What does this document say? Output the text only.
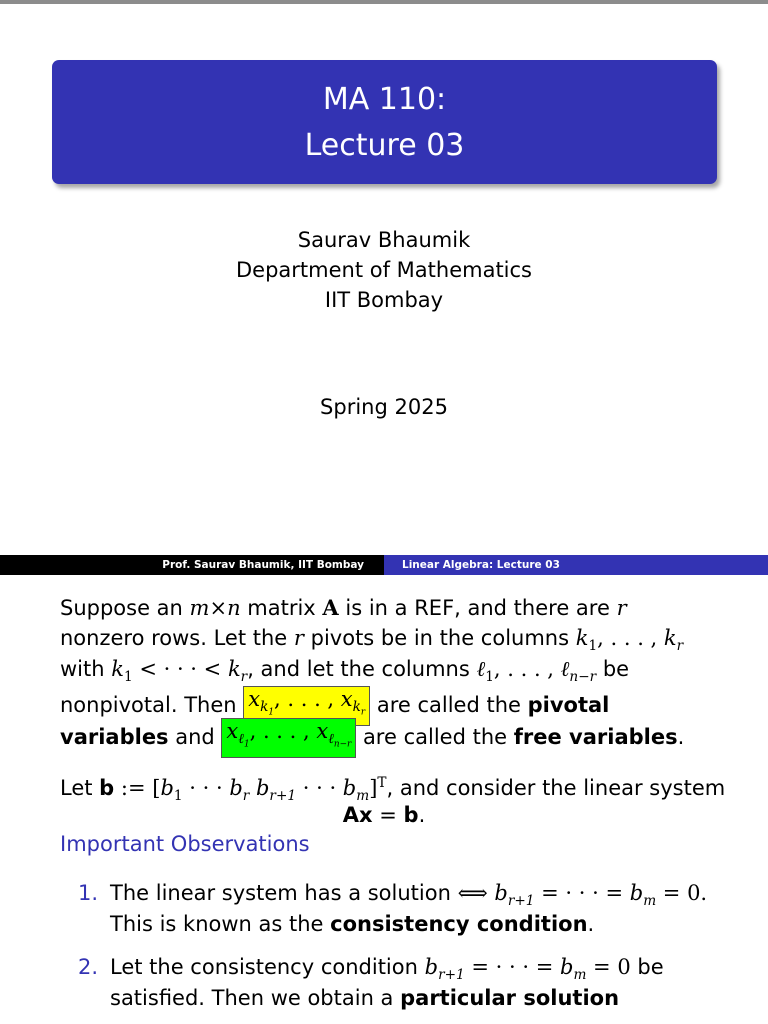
MA 110:
Lecture 03
Saurav Bhaumik
Department of Mathematics
IIT Bombay
Spring 2025
Prof. Saurav Bhaumik, IIT Bombay	Linear Algebra: Lecture 03
Suppose an m×n matrix A is in a REF, and there are r
nonzero rows. Let the r pivots be in the columns $k_1$, . . . , $k_r$
with $k_1$ < · · · < $k_r$, and let the columns ℓ$_1$, . . . , ℓ$_{n-r}$ be
nonpivotal. Then $x_{k_1}$, . . . , $x_{k_r}$ are called the pivotal
variables and $x_{\ell_1}$, . . . , $x_{\ell_{n-r}}$ are called the free variables.
Let b := [$b_1$ · · · $b_r$ $b_{r+1}$ · · · $b_m]^T$, and consider the linear system
Ax = b.
Important Observations
1. The linear system has a solution ⟺ $b_{r+1}$ = · · · = $b_m = 0$.
This is known as the consistency condition.
2. Let the consistency condition $b_{r+1}$ = · · · = $b_m = 0$ be
satisfied. Then we obtain a particular solution
